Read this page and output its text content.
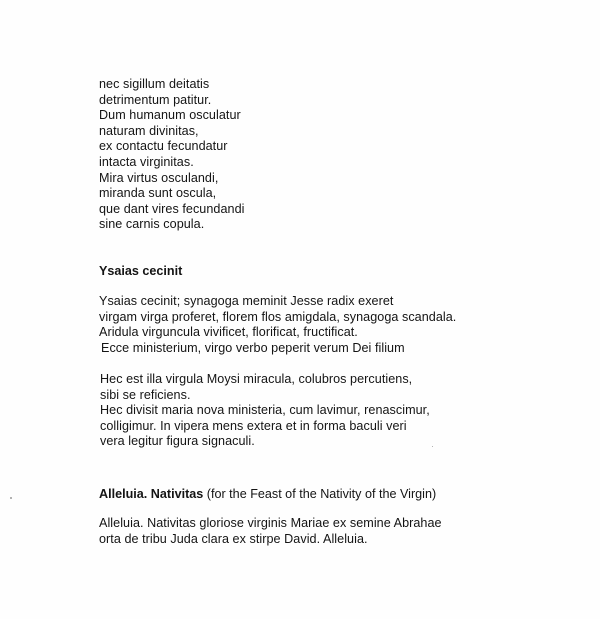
nec sigillum deitatis
detrimentum patitur.
Dum humanum osculatur
naturam divinitas,
ex contactu fecundatur
intacta virginitas.
Mira virtus osculandi,
miranda sunt oscula,
que dant vires fecundandi
sine carnis copula.
Ysaias cecinit
Ysaias cecinit; synagoga meminit Jesse radix exeret
virgam virga proferet, florem flos amigdala, synagoga scandala.
Aridula virguncula vivificet, florificat, fructificat.
Ecce ministerium, virgo verbo peperit verum Dei filium
Hec est illa virgula Moysi miracula, colubros percutiens,
sibi se reficiens.
Hec divisit maria nova ministeria, cum lavimur, renascimur,
colligimur. In vipera mens extera et in forma baculi veri
vera legitur figura signaculi.
Alleluia. Nativitas (for the Feast of the Nativity of the Virgin)
Alleluia. Nativitas gloriose virginis Mariae ex semine Abrahae
orta de tribu Juda clara ex stirpe David. Alleluia.
